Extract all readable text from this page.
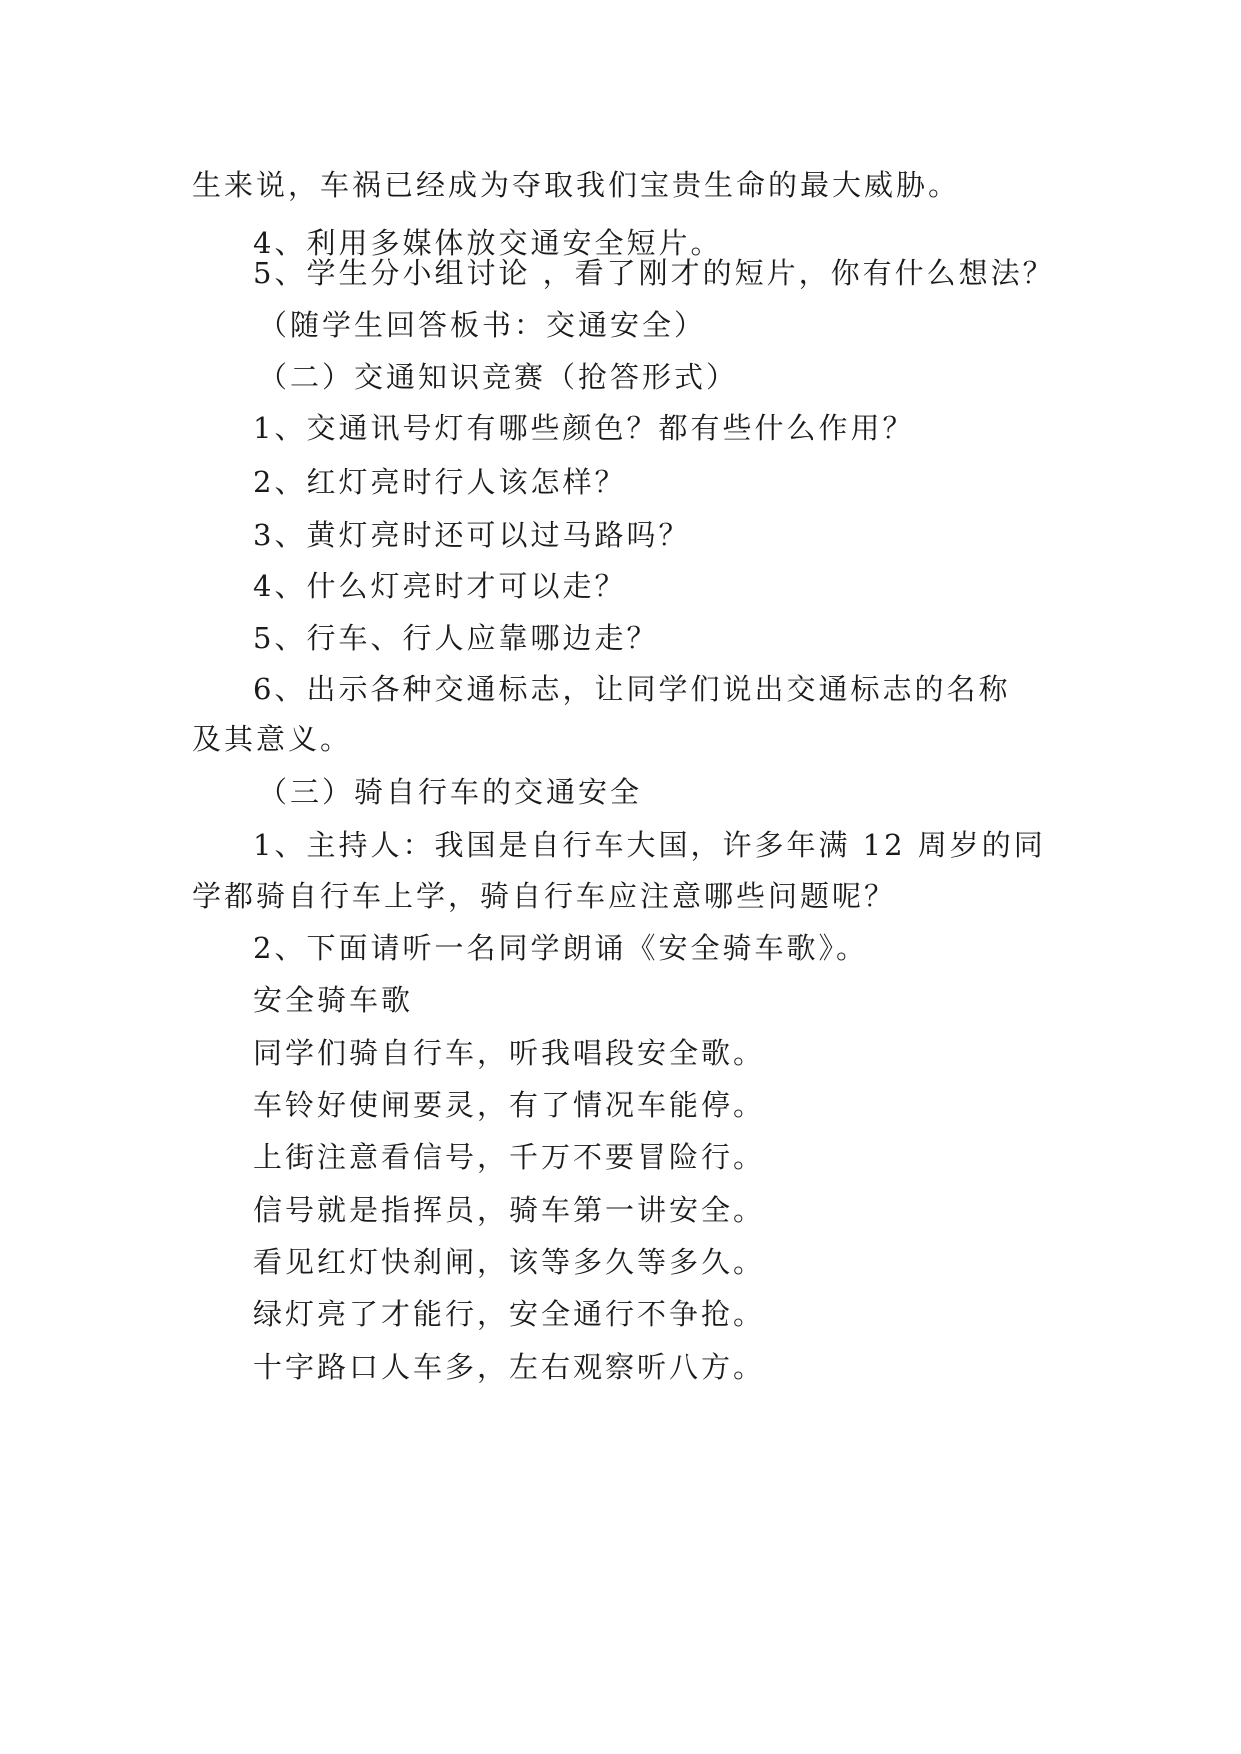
生来说，车祸已经成为夺取我们宝贵生命的最大威胁。
4、利用多媒体放交通安全短片。
5、学生分小组讨论 ，看了刚才的短片，你有什么想法？
（随学生回答板书：交通安全）
（二）交通知识竞赛（抢答形式）
1、交通讯号灯有哪些颜色？都有些什么作用？
2、红灯亮时行人该怎样？
3、黄灯亮时还可以过马路吗？
4、什么灯亮时才可以走？
5、行车、行人应靠哪边走？
6、出示各种交通标志，让同学们说出交通标志的名称
及其意义。
（三）骑自行车的交通安全
1、主持人：我国是自行车大国，许多年满 12 周岁的同
学都骑自行车上学，骑自行车应注意哪些问题呢？
2、下面请听一名同学朗诵《安全骑车歌》。
安全骑车歌
同学们骑自行车，听我唱段安全歌。
车铃好使闸要灵，有了情况车能停。
上街注意看信号，千万不要冒险行。
信号就是指挥员，骑车第一讲安全。
看见红灯快刹闸，该等多久等多久。
绿灯亮了才能行，安全通行不争抢。
十字路口人车多，左右观察听八方。
